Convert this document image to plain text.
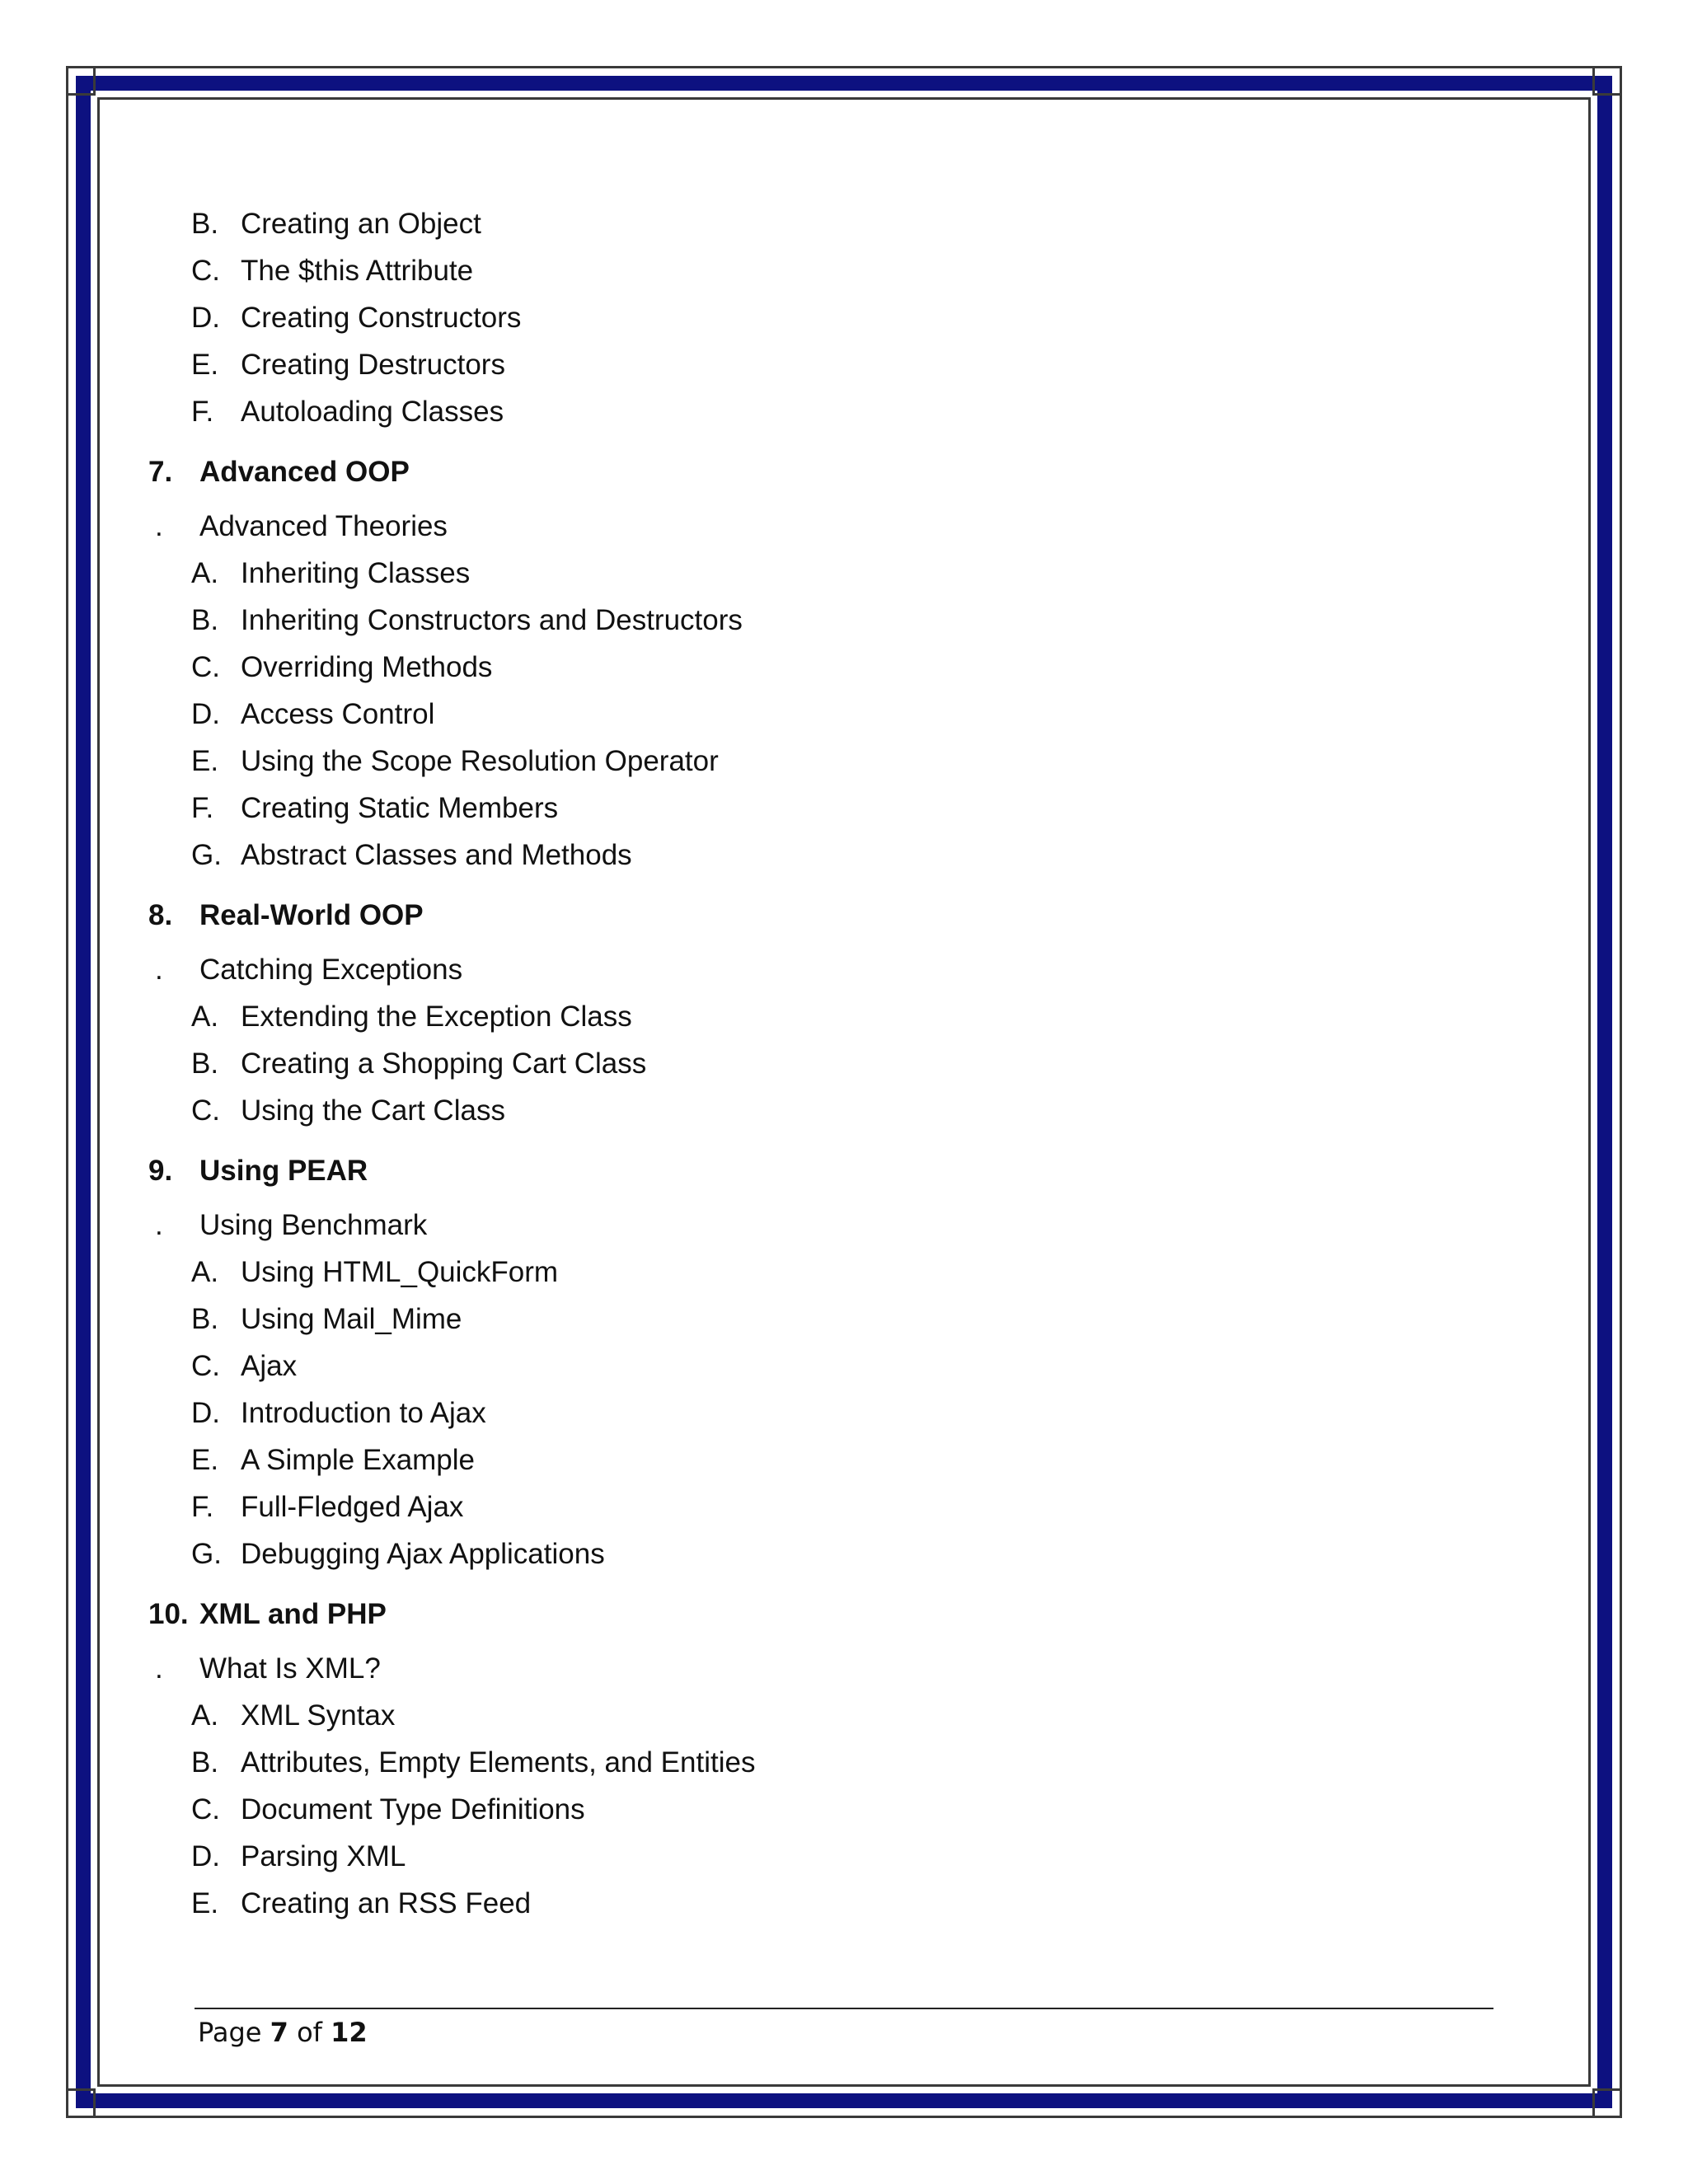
B. Creating an Object
C. The $this Attribute
D. Creating Constructors
E. Creating Destructors
F. Autoloading Classes
7. Advanced OOP
. Advanced Theories
A. Inheriting Classes
B. Inheriting Constructors and Destructors
C. Overriding Methods
D. Access Control
E. Using the Scope Resolution Operator
F. Creating Static Members
G. Abstract Classes and Methods
8. Real-World OOP
. Catching Exceptions
A. Extending the Exception Class
B. Creating a Shopping Cart Class
C. Using the Cart Class
9. Using PEAR
. Using Benchmark
A. Using HTML_QuickForm
B. Using Mail_Mime
C. Ajax
D. Introduction to Ajax
E. A Simple Example
F. Full-Fledged Ajax
G. Debugging Ajax Applications
10. XML and PHP
. What Is XML?
A. XML Syntax
B. Attributes, Empty Elements, and Entities
C. Document Type Definitions
D. Parsing XML
E. Creating an RSS Feed
Page 7 of 12
